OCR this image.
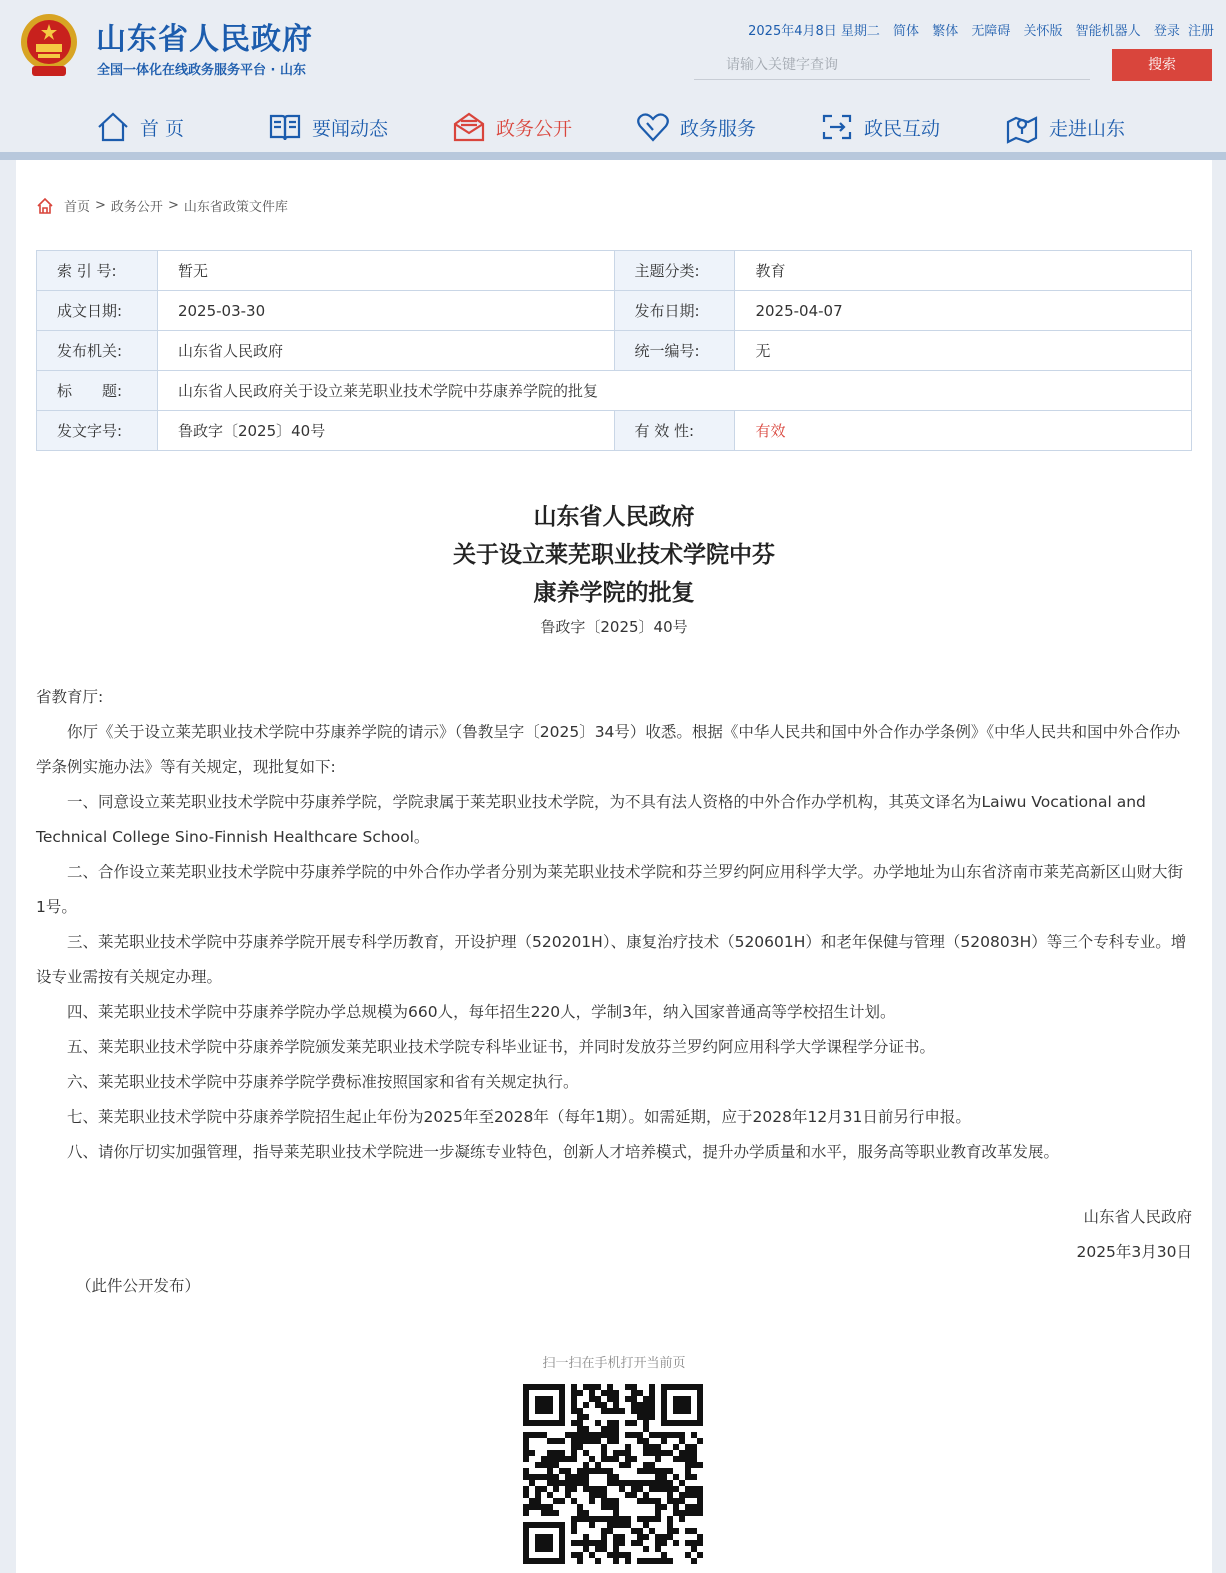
山东省人民政府
全国一体化在线政务服务平台 · 山东
2025年4月8日 星期二 简体 繁体 无障碍 关怀版 智能机器人 登录 注册
请输入关键字查询
搜索
首 页	要闻动态	政务公开	政务服务	政民互动	走进山东
首页 > 政务公开 > 山东省政策文件库
索 引 号:	暂无	主题分类:	教育
成文日期:	2025-03-30	发布日期:	2025-04-07
发布机关:	山东省人民政府	统一编号:	无
标　　题:	山东省人民政府关于设立莱芜职业技术学院中芬康养学院的批复		
发文字号:	鲁政字〔2025〕40号	有 效 性:	有效
山东省人民政府
关于设立莱芜职业技术学院中芬
康养学院的批复
鲁政字〔2025〕40号

省教育厅:

你厅《关于设立莱芜职业技术学院中芬康养学院的请示》（鲁教呈字〔2025〕34号）收悉。根据《中华人民共和国中外合作办学条例》《中华人民共和国中外合作办学条例实施办法》等有关规定，现批复如下:

一、同意设立莱芜职业技术学院中芬康养学院，学院隶属于莱芜职业技术学院，为不具有法人资格的中外合作办学机构，其英文译名为Laiwu Vocational and Technical College Sino-Finnish Healthcare School。

二、合作设立莱芜职业技术学院中芬康养学院的中外合作办学者分别为莱芜职业技术学院和芬兰罗约阿应用科学大学。办学地址为山东省济南市莱芜高新区山财大街1号。

三、莱芜职业技术学院中芬康养学院开展专科学历教育，开设护理（520201H）、康复治疗技术（520601H）和老年保健与管理（520803H）等三个专科专业。增设专业需按有关规定办理。

四、莱芜职业技术学院中芬康养学院办学总规模为660人，每年招生220人，学制3年，纳入国家普通高等学校招生计划。

五、莱芜职业技术学院中芬康养学院颁发莱芜职业技术学院专科毕业证书，并同时发放芬兰罗约阿应用科学大学课程学分证书。

六、莱芜职业技术学院中芬康养学院学费标准按照国家和省有关规定执行。

七、莱芜职业技术学院中芬康养学院招生起止年份为2025年至2028年（每年1期）。如需延期，应于2028年12月31日前另行申报。

八、请你厅切实加强管理，指导莱芜职业技术学院进一步凝练专业特色，创新人才培养模式，提升办学质量和水平，服务高等职业教育改革发展。

山东省人民政府
2025年3月30日
（此件公开发布）
扫一扫在手机打开当前页
